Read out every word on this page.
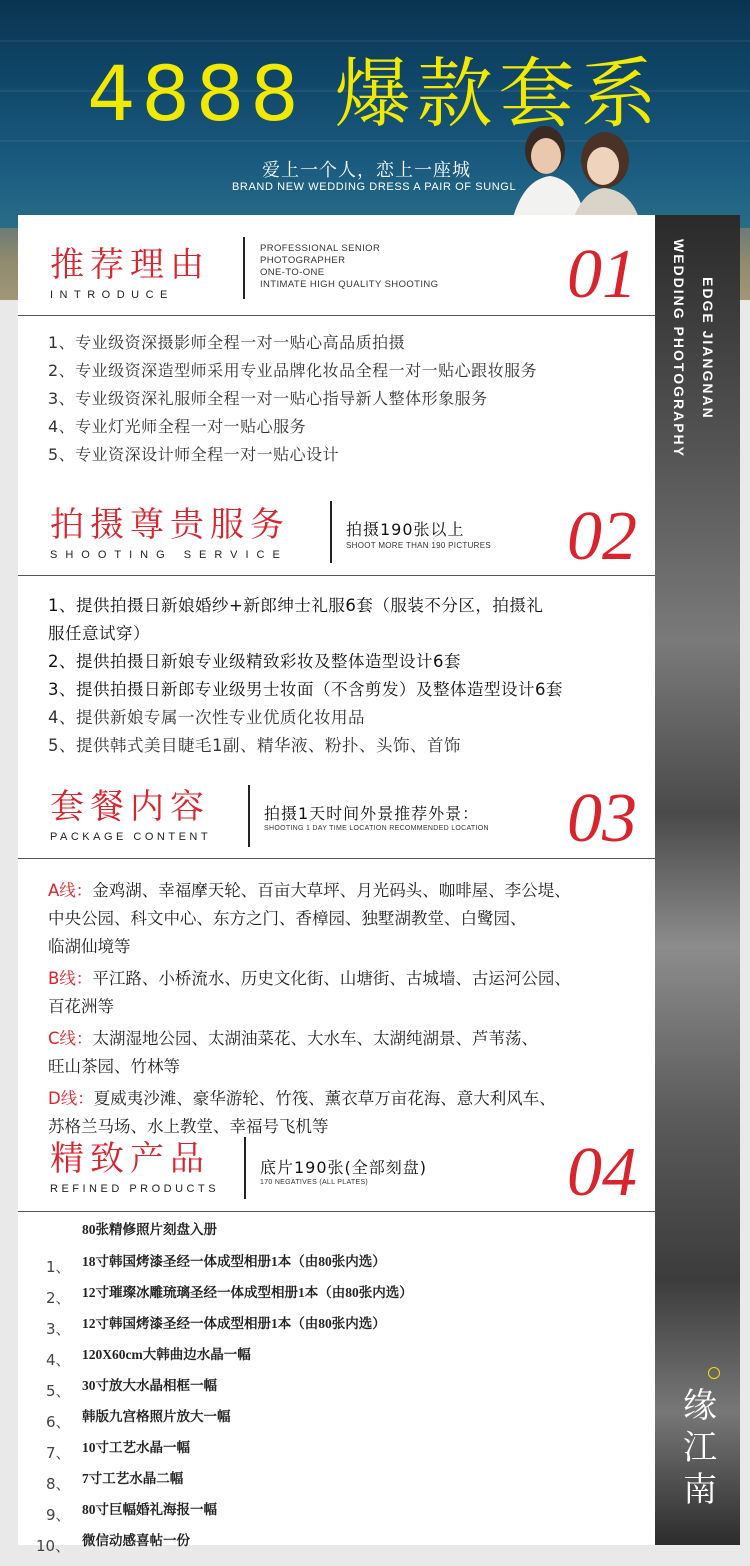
4888 爆款套系
爱上一个人，恋上一座城
BRAND NEW WEDDING DRESS A PAIR OF SUNGL
EDGE JIANGNAN
WEDDING PHOTOGRAPHY
缘
江
南
推荐理由
INTRODUCE
PROFESSIONAL SENIOR
PHOTOGRAPHER
ONE-TO-ONE
INTIMATE HIGH QUALITY SHOOTING 01
1、专业级资深摄影师全程一对一贴心高品质拍摄
2、专业级资深造型师采用专业品牌化妆品全程一对一贴心跟妆服务
3、专业级资深礼服师全程一对一贴心指导新人整体形象服务
4、专业灯光师全程一对一贴心服务
5、专业资深设计师全程一对一贴心设计
拍摄尊贵服务
SHOOTING SERVICE
拍摄190张以上
SHOOT MORE THAN 190 PICTURES 02
1、提供拍摄日新娘婚纱+新郎绅士礼服6套（服装不分区，拍摄礼
服任意试穿）
2、提供拍摄日新娘专业级精致彩妆及整体造型设计6套
3、提供拍摄日新郎专业级男士妆面（不含剪发）及整体造型设计6套
4、提供新娘专属一次性专业优质化妆用品
5、提供韩式美目睫毛1副、精华液、粉扑、头饰、首饰
套餐内容
PACKAGE CONTENT
拍摄1天时间外景推荐外景：
SHOOTING 1 DAY TIME LOCATION RECOMMENDED LOCATION 03
A线：金鸡湖、幸福摩天轮、百亩大草坪、月光码头、咖啡屋、李公堤、
中央公园、科文中心、东方之门、香樟园、独墅湖教堂、白鹭园、
临湖仙境等
B线：平江路、小桥流水、历史文化街、山塘街、古城墙、古运河公园、
百花洲等
C线：太湖湿地公园、太湖油菜花、大水车、太湖纯湖景、芦苇荡、
旺山茶园、竹林等
D线：夏威夷沙滩、豪华游轮、竹筏、薰衣草万亩花海、意大利风车、
苏格兰马场、水上教堂、幸福号飞机等
精致产品
REFINED PRODUCTS
底片190张(全部刻盘)
170 NEGATIVES (ALL PLATES)	04
80张精修照片刻盘入册
1、 18寸韩国烤漆圣经一体成型相册1本（由80张内选）
2、 12寸璀璨冰雕琉璃圣经一体成型相册1本（由80张内选）
3、 12寸韩国烤漆圣经一体成型相册1本（由80张内选）
4、 120X60cm大韩曲边水晶一幅
5、 30寸放大水晶相框一幅
6、 韩版九宫格照片放大一幅
7、 10寸工艺水晶一幅
8、 7寸工艺水晶二幅
9、 80寸巨幅婚礼海报一幅
10、 微信动感喜帖一份
